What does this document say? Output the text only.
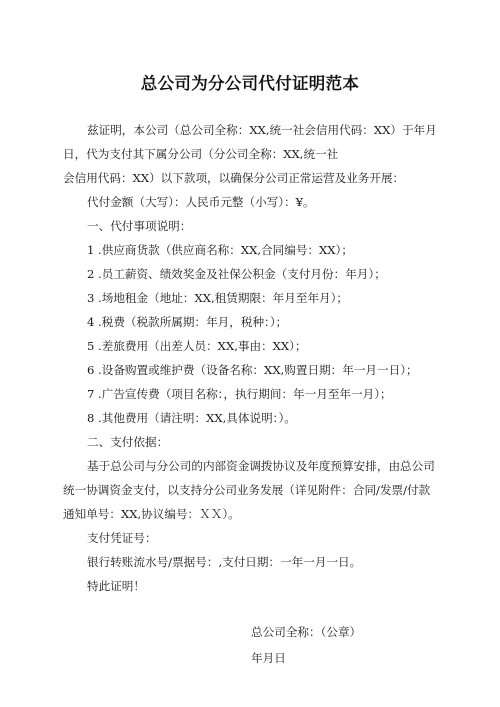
总公司为分公司代付证明范本
兹证明，本公司（总公司全称：XX,统一社会信用代码：XX）于年月
日，代为支付其下属分公司（分公司全称：XX,统一社
会信用代码：XX）以下款项，以确保分公司正常运营及业务开展：
代付金额（大写）：人民币元整（小写）：¥。
一、代付事项说明：
1 .供应商货款（供应商名称：XX,合同编号：XX）；
2 .员工薪资、绩效奖金及社保公积金（支付月份：年月）；
3 .场地租金（地址：XX,租赁期限：年月至年月）；
4 .税费（税款所属期：年月，税种：）；
5 .差旅费用（出差人员：XX,事由：XX）；
6 .设备购置或维护费（设备名称：XX,购置日期：年一月一日）；
7 .广告宣传费（项目名称：，执行期间：年一月至年一月）；
8 .其他费用（请注明：XX,具体说明：）。
二、支付依据：
基于总公司与分公司的内部资金调拨协议及年度预算安排，由总公司
统一协调资金支付，以支持分公司业务发展（详见附件：合同/发票/付款
通知单号：XX,协议编号：ＸＸ）。
支付凭证号：
银行转账流水号/票据号：,支付日期：一年一月一日。
特此证明！
总公司全称：（公章）
年月日
